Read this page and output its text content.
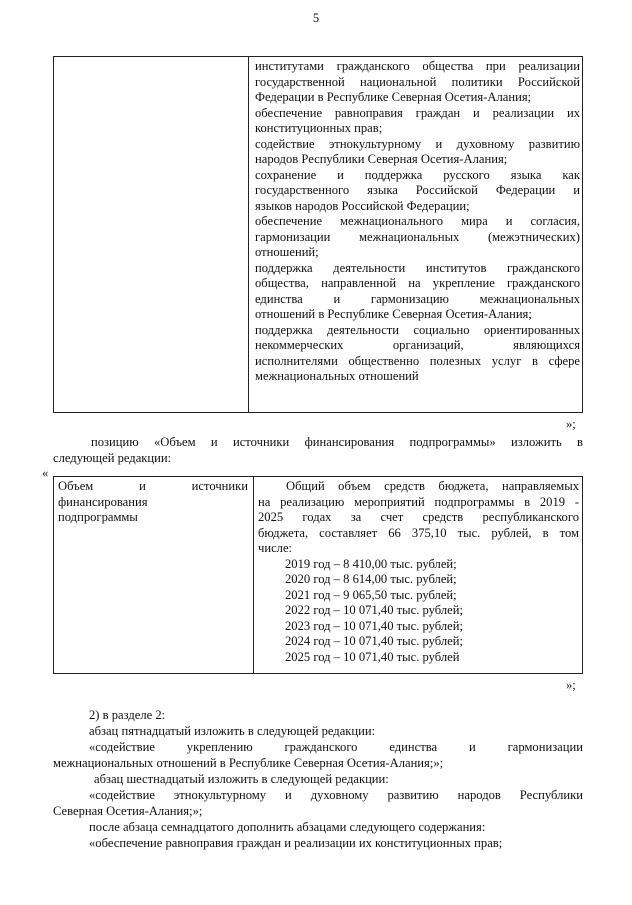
5
институтами гражданского общества при реализации
государственной национальной политики Российской
Федерации в Республике Северная Осетия-Алания;
обеспечение равноправия граждан и реализации их
конституционных прав;
содействие этнокультурному и духовному развитию
народов Республики Северная Осетия-Алания;
сохранение и поддержка русского языка как
государственного языка Российской Федерации и
языков народов Российской Федерации;
обеспечение межнационального мира и согласия,
гармонизации межнациональных (межэтнических)
отношений;
поддержка деятельности институтов гражданского
общества, направленной на укрепление гражданского
единства и гармонизацию межнациональных
отношений в Республике Северная Осетия-Алания;
поддержка деятельности социально ориентированных
некоммерческих организаций, являющихся
исполнителями общественно полезных услуг в сфере
межнациональных отношений
»;
позицию «Объем и источники финансирования подпрограммы» изложить в
следующей редакции:
«
Объем и источники
финансирования
подпрограммы
Общий объем средств бюджета, направляемых
на реализацию мероприятий подпрограммы в 2019 -
2025 годах за счет средств республиканского
бюджета, составляет 66 375,10 тыс. рублей, в том
числе:
2019 год – 8 410,00 тыс. рублей;
2020 год – 8 614,00 тыс. рублей;
2021 год – 9 065,50 тыс. рублей;
2022 год – 10 071,40 тыс. рублей;
2023 год – 10 071,40 тыс. рублей;
2024 год – 10 071,40 тыс. рублей;
2025 год – 10 071,40 тыс. рублей
»;
2) в разделе 2:
абзац пятнадцатый изложить в следующей редакции:
«содействие укреплению гражданского единства и гармонизации
межнациональных отношений в Республике Северная Осетия-Алания;»;
абзац шестнадцатый изложить в следующей редакции:
«содействие этнокультурному и духовному развитию народов Республики
Северная Осетия-Алания;»;
после абзаца семнадцатого дополнить абзацами следующего содержания:
«обеспечение равноправия граждан и реализации их конституционных прав;
